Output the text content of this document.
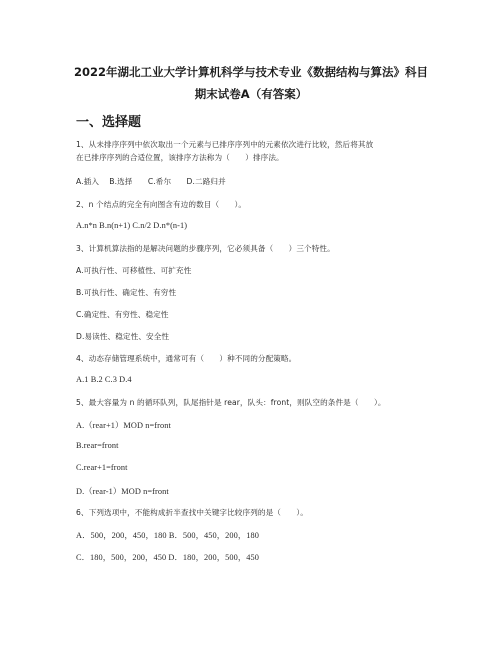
2022年湖北工业大学计算机科学与技术专业《数据结构与算法》科目
期末试卷A（有答案）
一、选择题
1、从未排序序列中依次取出一个元素与已排序序列中的元素依次进行比较，然后将其放
在已排序序列的合适位置，该排序方法称为（　　）排序法。
A.插入　 B.选择　　C.希尔　　D.二路归并
2、n 个结点的完全有向图含有边的数目（　　）。
A.n*n B.n(n+1) C.n/2 D.n*(n-1)
3、计算机算法指的是解决问题的步骤序列，它必须具备（　　）三个特性。
A.可执行性、可移植性、可扩充性
B.可执行性、确定性、有穷性
C.确定性、有穷性、稳定性
D.易读性、稳定性、安全性
4、动态存储管理系统中，通常可有（　　）种不同的分配策略。
A.1 B.2 C.3 D.4
5、最大容量为 n 的循环队列，队尾指针是 rear，队头：front，则队空的条件是（　　）。
A.（rear+1）MOD n=front
B.rear=front
C.rear+1=front
D.（rear-1）MOD n=front
6、下列选项中，不能构成折半查找中关键字比较序列的是（　　）。
A．500，200，450，180 B．500，450，200，180
C．180，500，200，450 D．180，200，500，450
